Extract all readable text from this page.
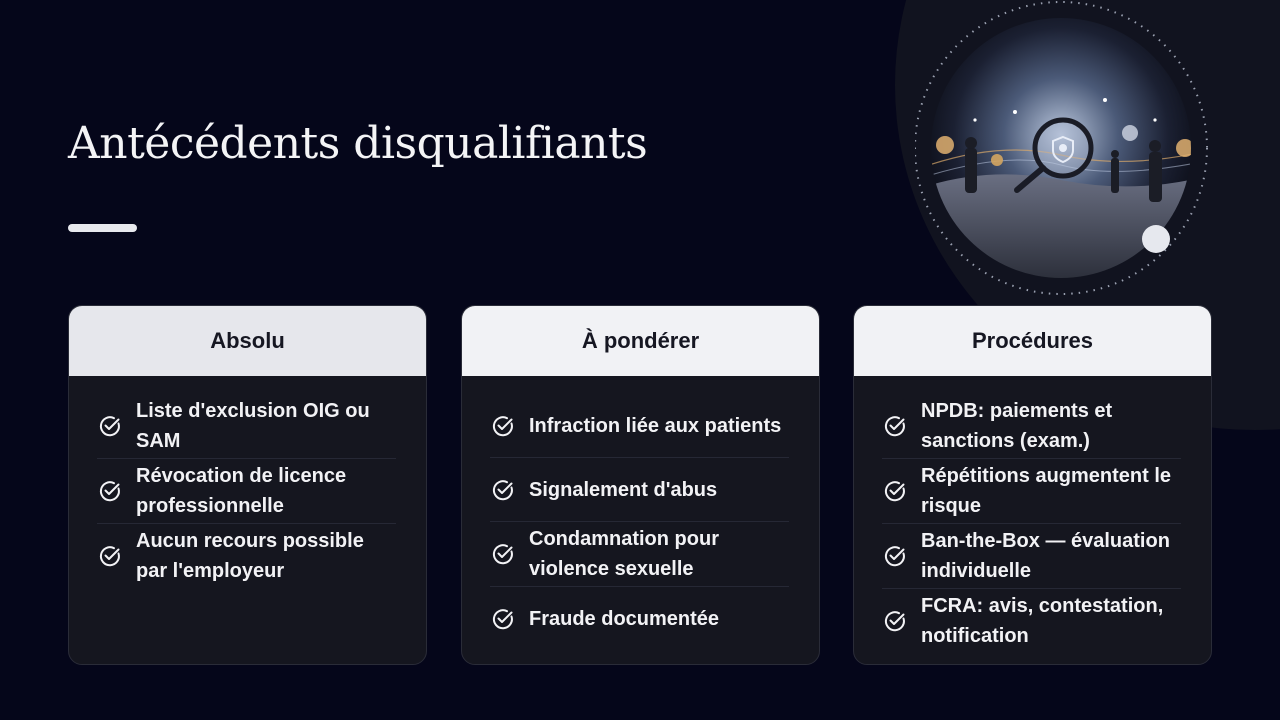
Antécédents disqualifiants
Absolu
Liste d'exclusion OIG ou SAM
Révocation de licence professionnelle
Aucun recours possible par l'employeur
À pondérer
Infraction liée aux patients
Signalement d'abus
Condamnation pour violence sexuelle
Fraude documentée
Procédures
NPDB: paiements et sanctions (exam.)
Répétitions augmentent le risque
Ban-the-Box — évaluation individuelle
FCRA: avis, contestation, notification
